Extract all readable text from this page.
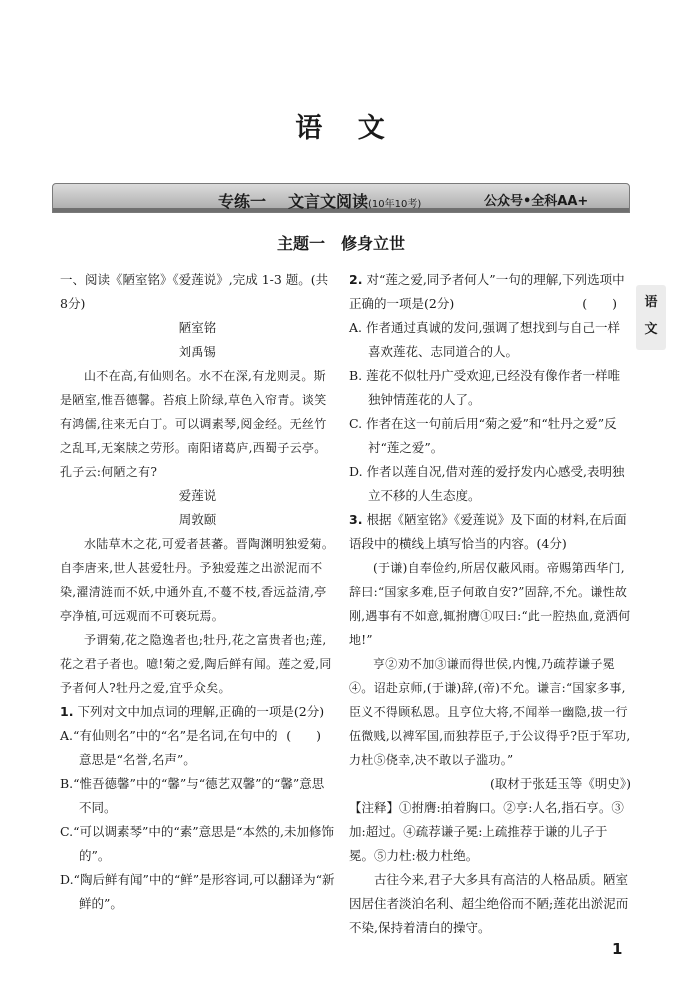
语 文
专练一 文言文阅读(10年10考)	公众号•全科AA+
主题一 修身立世
语
文

一、阅读《陋室铭》《爱莲说》,完成 1-3 题。(共 8分)

陋室铭

刘禹锡

山不在高,有仙则名。水不在深,有龙则灵。斯是陋室,惟吾德馨。苔痕上阶绿,草色入帘青。谈笑有鸿儒,往来无白丁。可以调素琴,阅金经。无丝竹之乱耳,无案牍之劳形。南阳诸葛庐,西蜀子云亭。孔子云:何陋之有?

爱莲说

周敦颐

水陆草木之花,可爱者甚蕃。晋陶渊明独爱菊。自李唐来,世人甚爱牡丹。予独爱莲之出淤泥而不染,濯清涟而不妖,中通外直,不蔓不枝,香远益清,亭亭净植,可远观而不可亵玩焉。

予谓菊,花之隐逸者也;牡丹,花之富贵者也;莲,花之君子者也。噫!菊之爱,陶后鲜有闻。莲之爱,同予者何人?牡丹之爱,宜乎众矣。

1. 下列对文中加点词的理解,正确的一项是(2分)
(　　)

A.“有仙则名”中的“名”是名词,在句中的意思是“名誉,名声”。

B.“惟吾德馨”中的“馨”与“德艺双馨”的“馨”意思不同。

C.“可以调素琴”中的“素”意思是“本然的,未加修饰的”。

D.“陶后鲜有闻”中的“鲜”是形容词,可以翻译为“新鲜的”。

2. 对“莲之爱,同予者何人”一句的理解,下列选项中正确的一项是(2分)	(　　)

A. 作者通过真诚的发问,强调了想找到与自己一样喜欢莲花、志同道合的人。

B. 莲花不似牡丹广受欢迎,已经没有像作者一样唯独钟情莲花的人了。

C. 作者在这一句前后用“菊之爱”和“牡丹之爱”反衬“莲之爱”。

D. 作者以莲自况,借对莲的爱抒发内心感受,表明独立不移的人生态度。

3. 根据《陋室铭》《爱莲说》及下面的材料,在后面语段中的横线上填写恰当的内容。(4分)

(于谦)自奉俭约,所居仅蔽风雨。帝赐第西华门,辞曰:“国家多难,臣子何敢自安?”固辞,不允。谦性故刚,遇事有不如意,辄拊膺①叹曰:“此一腔热血,竟洒何地!”

亨②劝不加③谦而得世侯,内愧,乃疏荐谦子冕④。诏赴京师,(于谦)辞,(帝)不允。谦言:“国家多事,臣义不得顾私恩。且亨位大将,不闻举一幽隐,拔一行伍微贱,以裨军国,而独荐臣子,于公议得乎?臣于军功,力杜⑤侥幸,决不敢以子滥功。”

(取材于张廷玉等《明史》)

【注释】①拊膺:拍着胸口。②亨:人名,指石亨。③加:超过。④疏荐谦子冕:上疏推荐于谦的儿子于冕。⑤力杜:极力杜绝。

古往今来,君子大多具有高洁的人格品质。陋室因居住者淡泊名利、超尘绝俗而不陋;莲花出淤泥而不染,保持着清白的操守。

1
